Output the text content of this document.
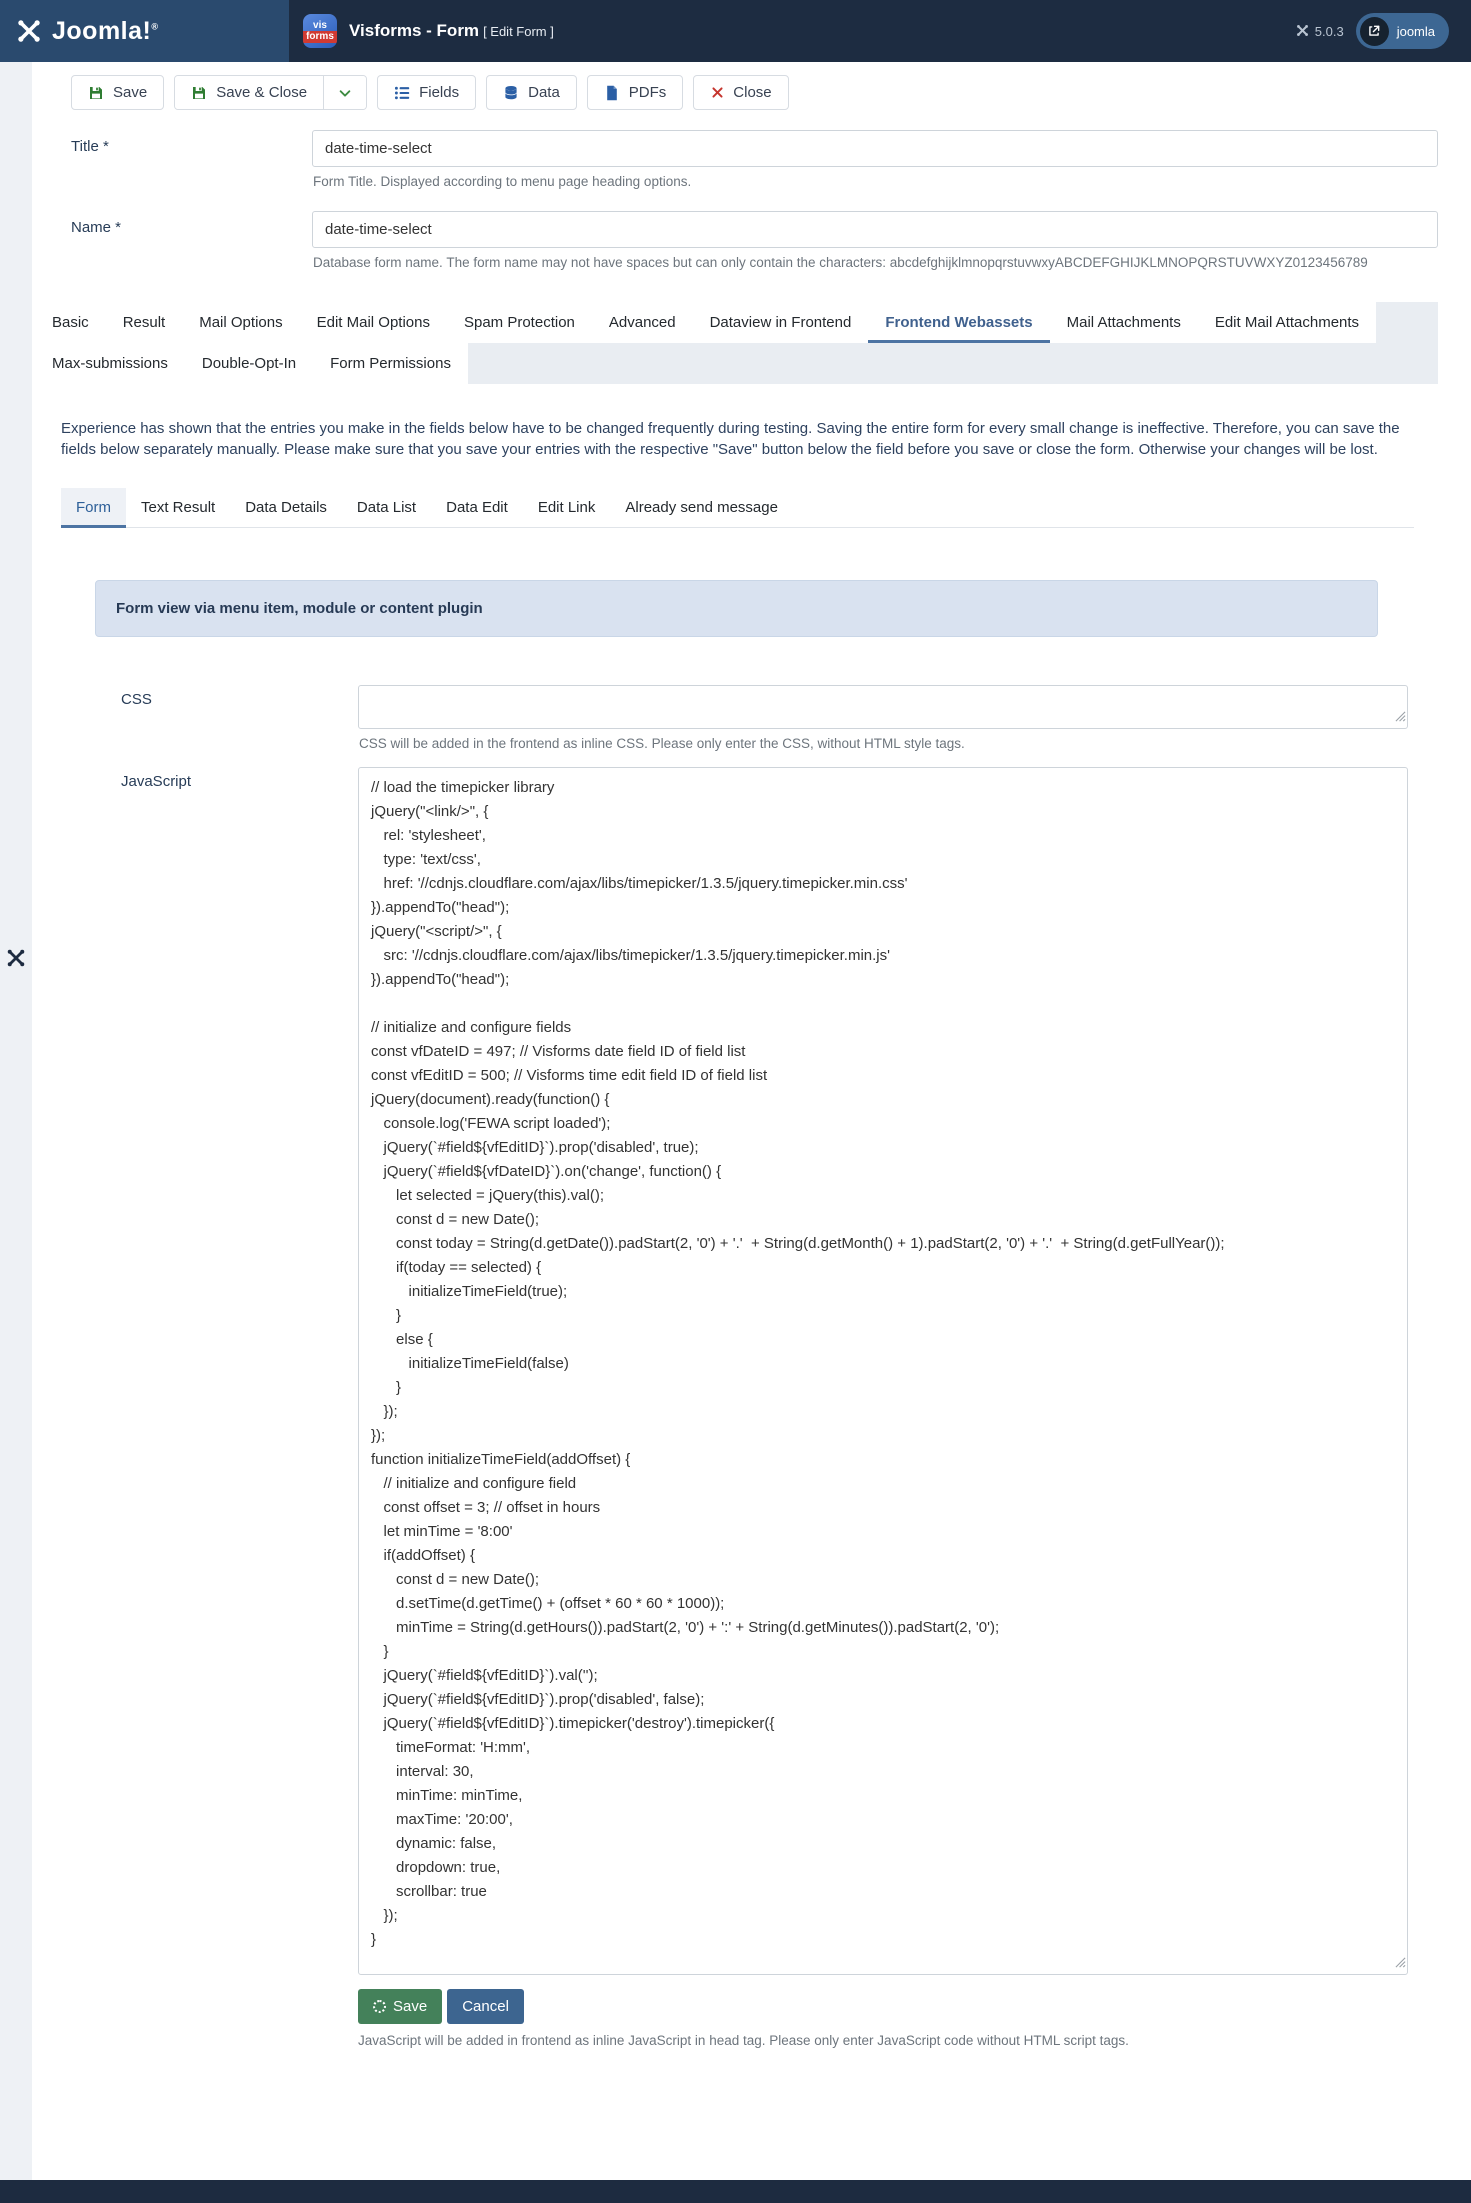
Joomla!®	vis
forms Visforms - Form [ Edit Form ]	5.0.3	joomla
Save	Save & Close	Fields	Data	PDFs	Close
Title *
date-time-select
Form Title. Displayed according to menu page heading options.
Name *
date-time-select
Database form name. The form name may not have spaces but can only contain the characters: abcdefghijklmnopqrstuvwxyABCDEFGHIJKLMNOPQRSTUVWXYZ0123456789
Basic	Result	Mail Options	Edit Mail Options	Spam Protection	Advanced	Dataview in Frontend	Frontend Webassets	Mail Attachments	Edit Mail Attachments
Max-submissions	Double-Opt-In	Form Permissions

Experience has shown that the entries you make in the fields below have to be changed frequently during testing. Saving the entire form for every small change is ineffective. Therefore, you can save the fields below separately manually. Please make sure that you save your entries with the respective "Save" button below the field before you save or close the form. Otherwise your changes will be lost.

Form	Text Result	Data Details	Data List	Data Edit	Edit Link	Already send message
Form view via menu item, module or content plugin
CSS
CSS will be added in the frontend as inline CSS. Please only enter the CSS, without HTML style tags.
JavaScript
// load the timepicker library jQuery("<link/>", { rel: 'stylesheet', type: 'text/css', href: '//cdnjs.cloudflare.com/ajax/libs/timepicker/1.3.5/jquery.timepicker.min.css' }).appendTo("head"); jQuery("<script/>", { src: '//cdnjs.cloudflare.com/ajax/libs/timepicker/1.3.5/jquery.timepicker.min.js' }).appendTo("head"); // initialize and configure fields const vfDateID = 497; // Visforms date field ID of field list const vfEditID = 500; // Visforms time edit field ID of field list jQuery(document).ready(function() { console.log('FEWA script loaded'); jQuery(`#field${vfEditID}`).prop('disabled', true); jQuery(`#field${vfDateID}`).on('change', function() { let selected = jQuery(this).val(); const d = new Date(); const today = String(d.getDate()).padStart(2, '0') + '.' + String(d.getMonth() + 1).padStart(2, '0') + '.' + String(d.getFullYear()); if(today == selected) { initializeTimeField(true); } else { initializeTimeField(false) } }); }); function initializeTimeField(addOffset) { // initialize and configure field const offset = 3; // offset in hours let minTime = '8:00' if(addOffset) { const d = new Date(); d.setTime(d.getTime() + (offset * 60 * 60 * 1000)); minTime = String(d.getHours()).padStart(2, '0') + ':' + String(d.getMinutes()).padStart(2, '0'); } jQuery(`#field${vfEditID}`).val(''); jQuery(`#field${vfEditID}`).prop('disabled', false); jQuery(`#field${vfEditID}`).timepicker('destroy').timepicker({ timeFormat: 'H:mm', interval: 30, minTime: minTime, maxTime: '20:00', dynamic: false, dropdown: true, scrollbar: true }); }
Save Cancel
JavaScript will be added in frontend as inline JavaScript in head tag. Please only enter JavaScript code without HTML script tags.
